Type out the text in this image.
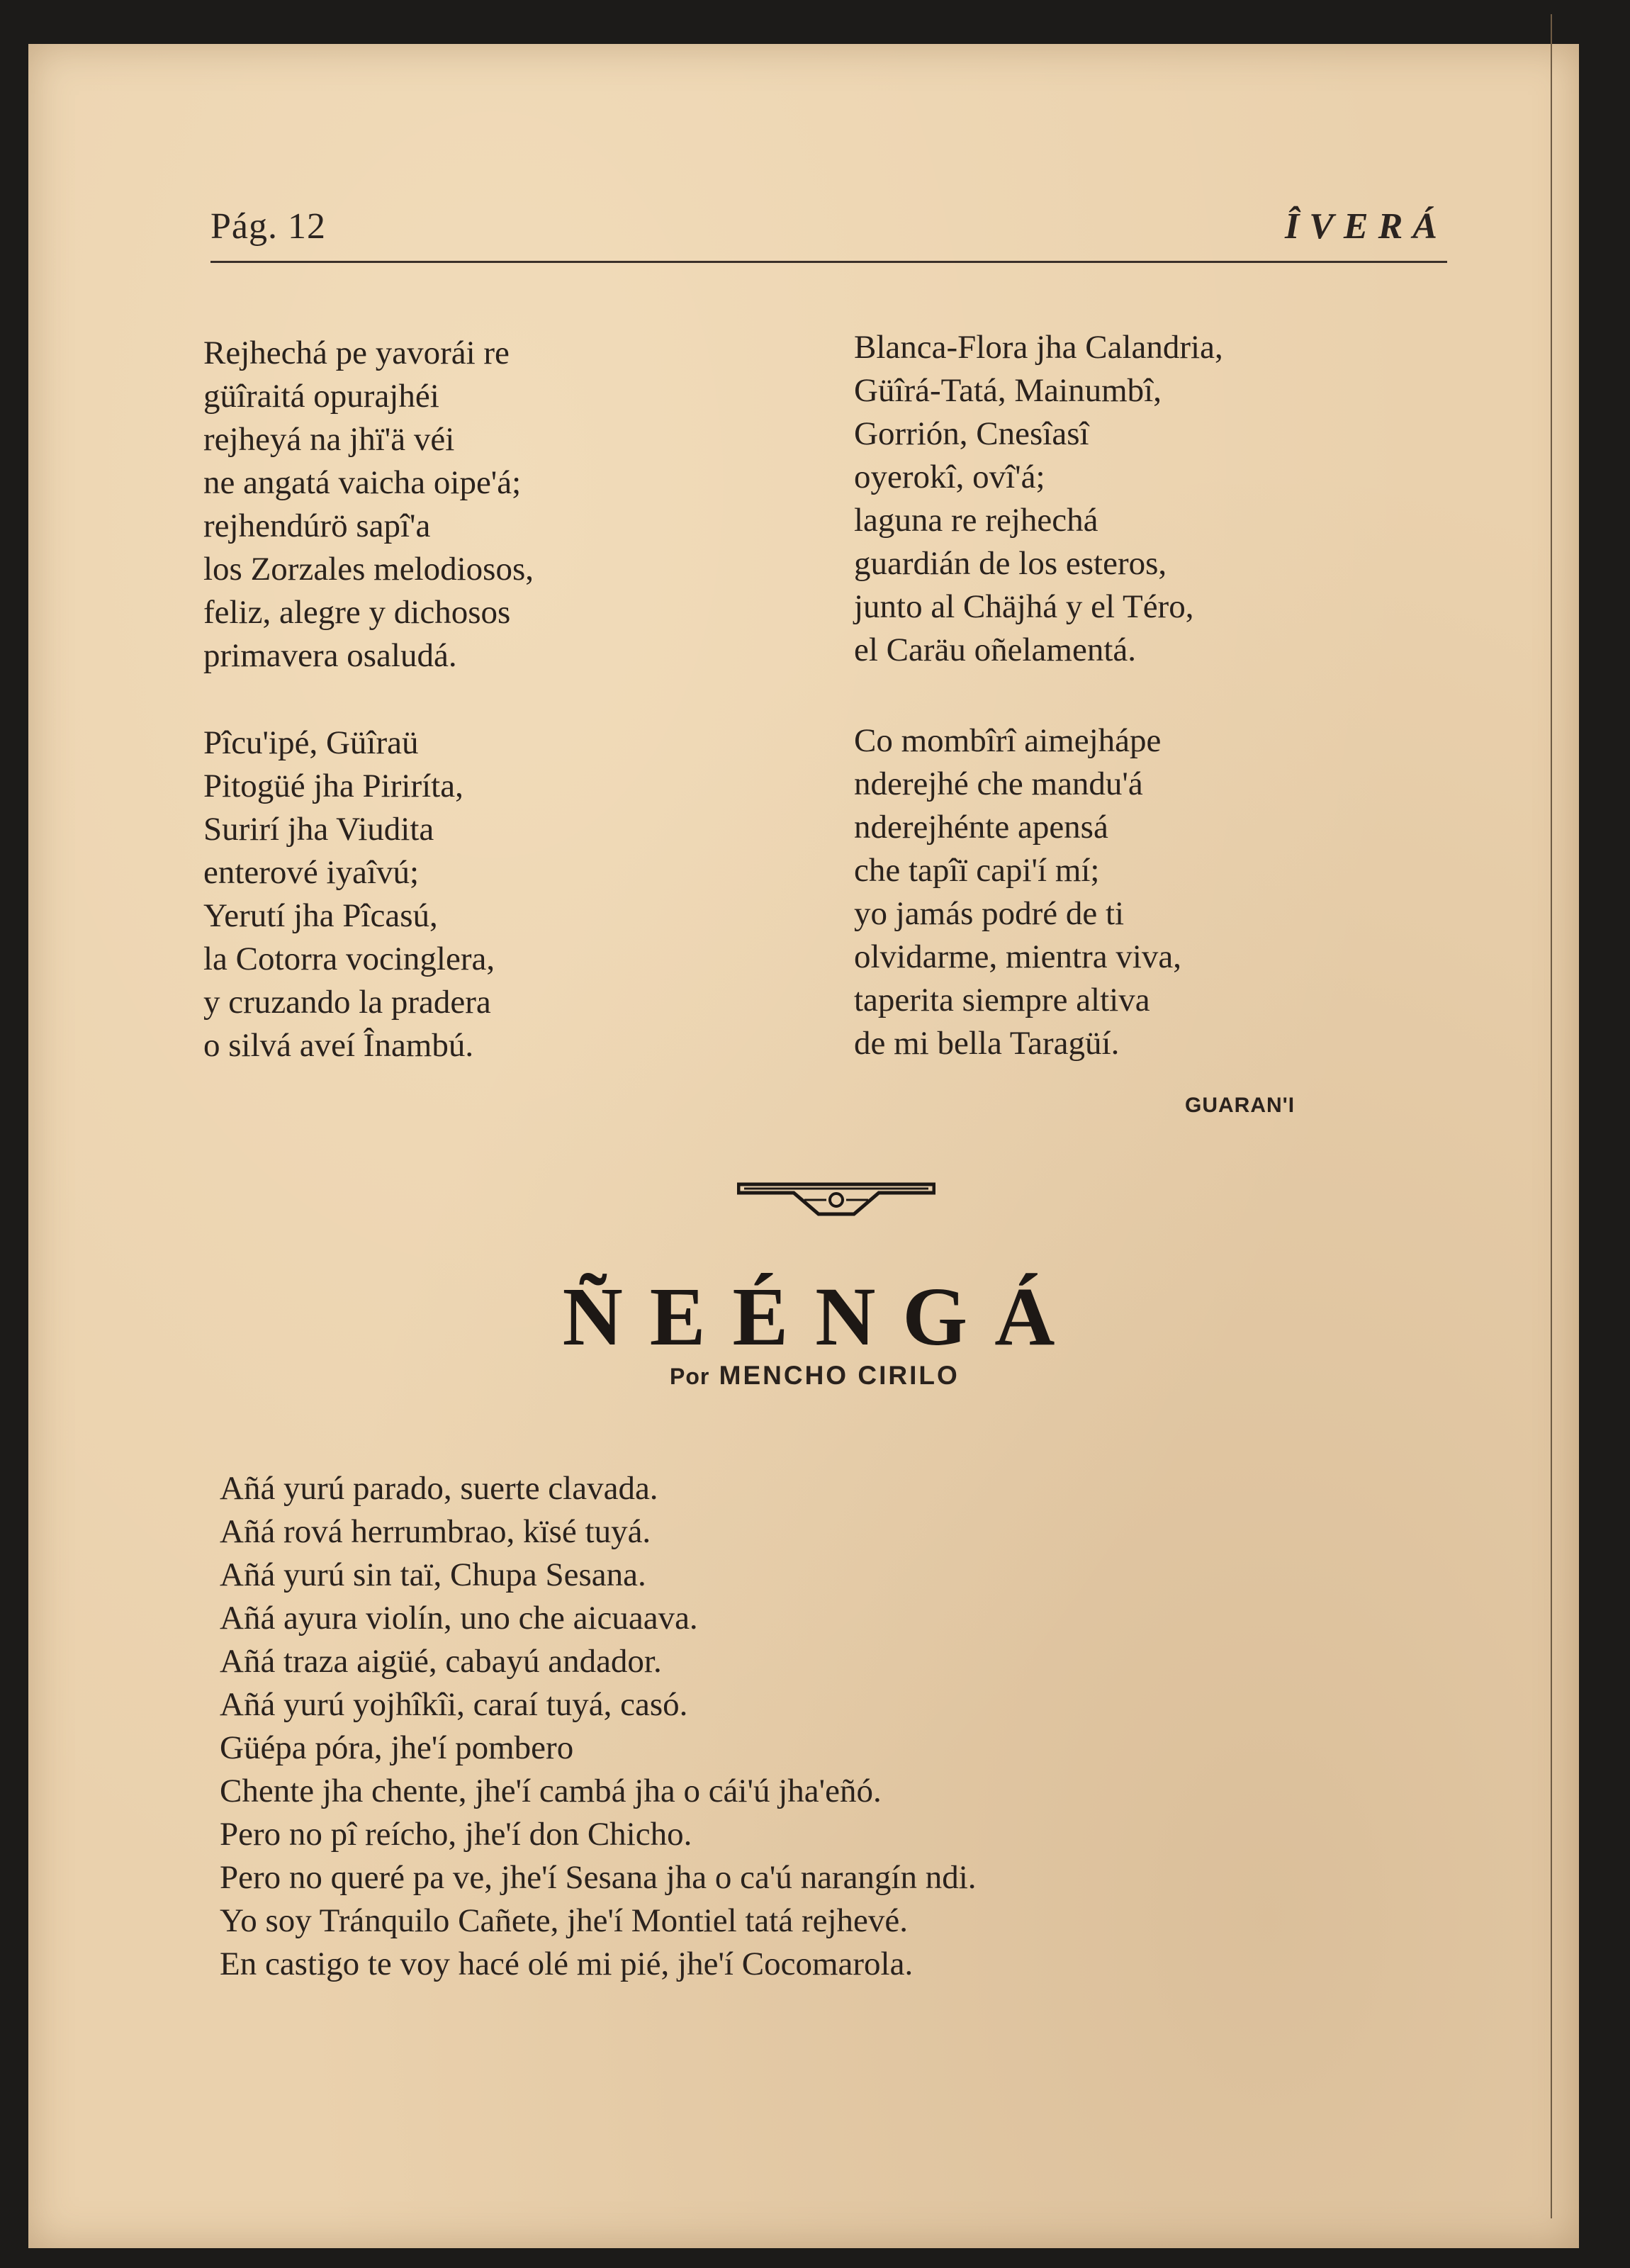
Pág. 12	ÎVERÁ
Rejhechá pe yavorái re
güîraitá opurajhéi
rejheyá na jhï'ä véi
ne angatá vaicha oipe'á;
rejhendúrö sapî'a
los Zorzales melodiosos,
feliz, alegre y dichosos
primavera osaludá.
Pîcu'ipé, Güîraü
Pitogüé jha Piriríta,
Surirí jha Viudita
enterové iyaîvú;
Yerutí jha Pîcasú,
la Cotorra vocinglera,
y cruzando la pradera
o silvá aveí Înambú.
Blanca-Flora jha Calandria,
Güîrá-Tatá, Mainumbî,
Gorrión, Cnesîasî
oyerokî, ovî'á;
laguna re rejhechá
guardián de los esteros,
junto al Chäjhá y el Téro,
el Caräu oñelamentá.
Co mombîrî aimejhápe
nderejhé che mandu'á
nderejhénte apensá
che tapîï capi'í mí;
yo jamás podré de ti
olvidarme, mientra viva,
taperita siempre altiva
de mi bella Taragüí.
GUARAN'I
ÑEÉNGÁ
Por MENCHO CIRILO
Añá yurú parado, suerte clavada.
Añá rová herrumbrao, kïsé tuyá.
Añá yurú sin taï, Chupa Sesana.
Añá ayura violín, uno che aicuaava.
Añá traza aigüé, cabayú andador.
Añá yurú yojhîkîi, caraí tuyá, casó.
Güépa póra, jhe'í pombero
Chente jha chente, jhe'í cambá jha o cái'ú jha'eñó.
Pero no pî reícho, jhe'í don Chicho.
Pero no queré pa ve, jhe'í Sesana jha o ca'ú narangín ndi.
Yo soy Tránquilo Cañete, jhe'í Montiel tatá rejhevé.
En castigo te voy hacé olé mi pié, jhe'í Cocomarola.
